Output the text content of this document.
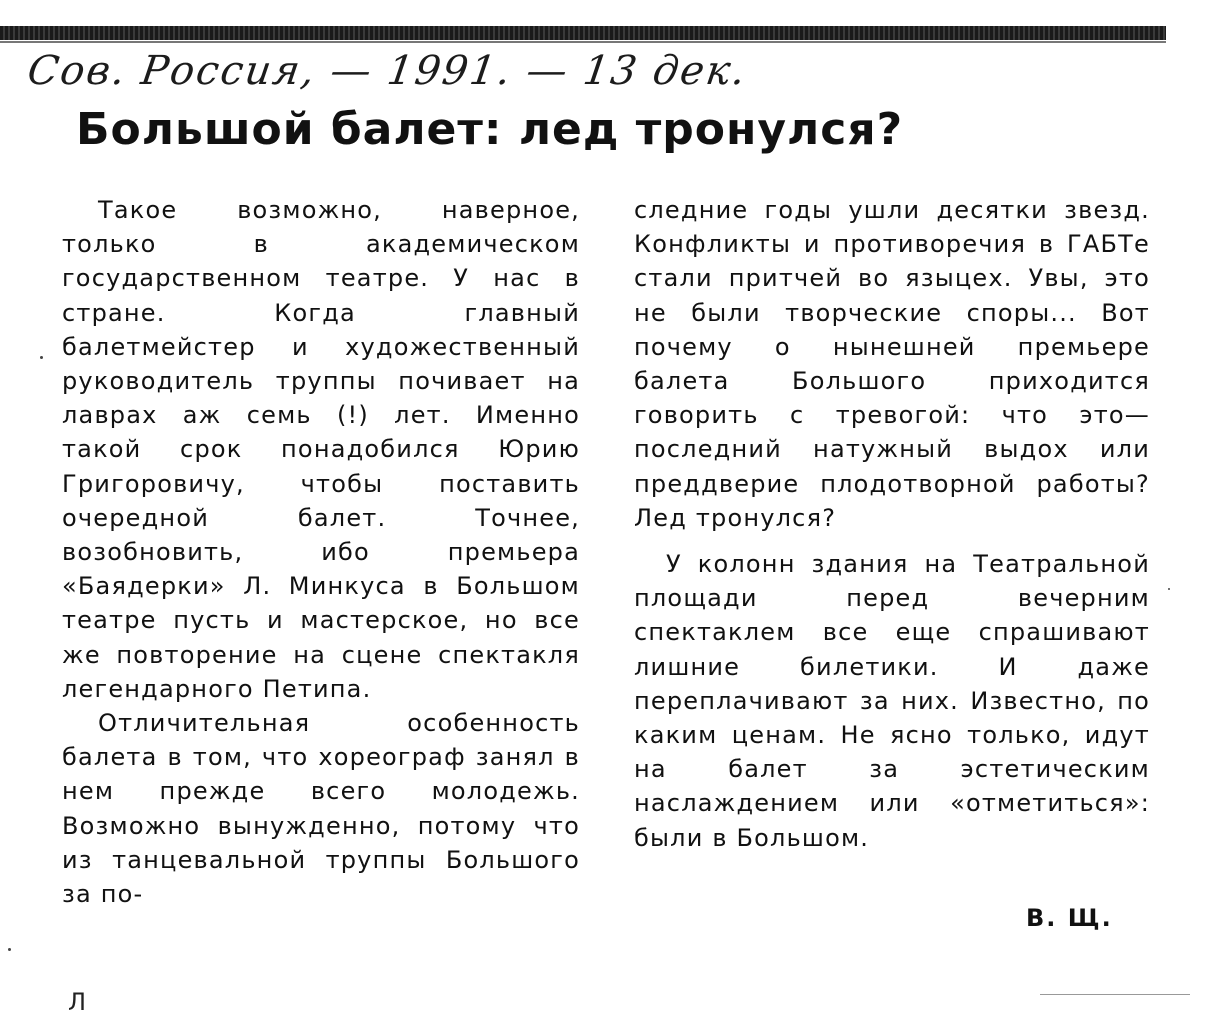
Сов. Россия, — 1991. — 13 дек.
Большой балет: лед тронулся?

Такое возможно, наверное, только в академическом государственном театре. У нас в стране. Когда главный балетмейстер и художественный руководитель труппы почивает на лаврах аж семь (!) лет. Именно такой срок понадобился Юрию Григоровичу, чтобы поставить очередной балет. Точнее, возобновить, ибо премьера «Баядерки» Л. Минкуса в Большом театре пусть и мастерское, но все же повторение на сцене спектакля легендарного Петипа.

Отличительная особенность балета в том, что хореограф занял в нем прежде всего молодежь. Возможно вынужденно, потому что из танцевальной труппы Большого за по-

следние годы ушли десятки звезд. Конфликты и противоречия в ГАБТе стали притчей во языцех. Увы, это не были творческие споры... Вот почему о нынешней премьере балета Большого приходится говорить с тревогой: что это—последний натужный выдох или преддверие плодотворной работы? Лед тронулся?

У колонн здания на Театральной площади перед вечерним спектаклем все еще спрашивают лишние билетики. И даже переплачивают за них. Известно, по каким ценам. Не ясно только, идут на балет за эстетическим наслаждением или «отметиться»: были в Большом.

В. Щ.
Л
